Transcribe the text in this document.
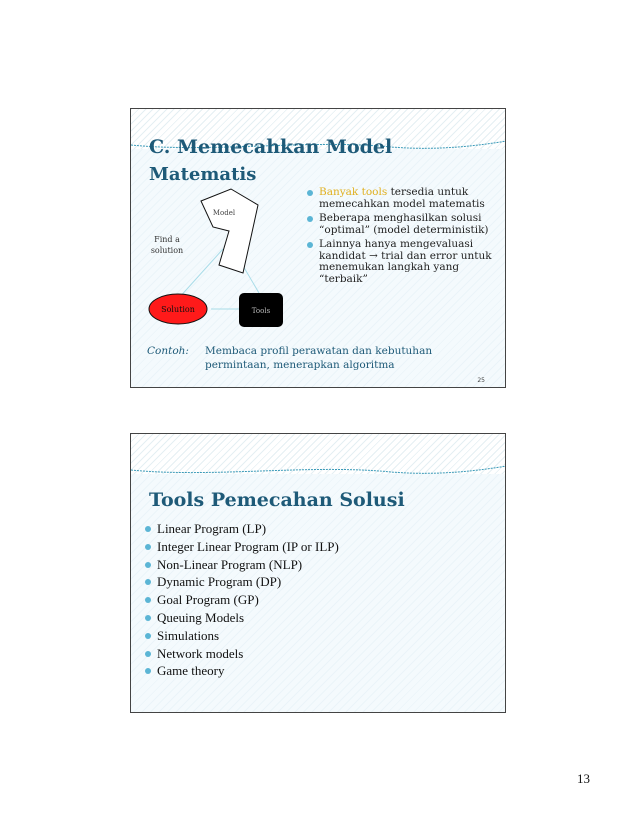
C. Memecahkan Model
Matematis
Model
Find a
solution
Solution	Tools
Banyak tools tersedia untuk memecahkan model matematis
Beberapa menghasilkan solusi “optimal” (model deterministik)
Lainnya hanya mengevaluasi kandidat → trial dan error untuk menemukan langkah yang “terbaik”
Contoh: Membaca profil perawatan dan kebutuhan permintaan, menerapkan algoritma
25
Tools Pemecahan Solusi
Linear Program (LP)
Integer Linear Program (IP or ILP)
Non-Linear Program (NLP)
Dynamic Program (DP)
Goal Program (GP)
Queuing Models
Simulations
Network models
Game theory
13
